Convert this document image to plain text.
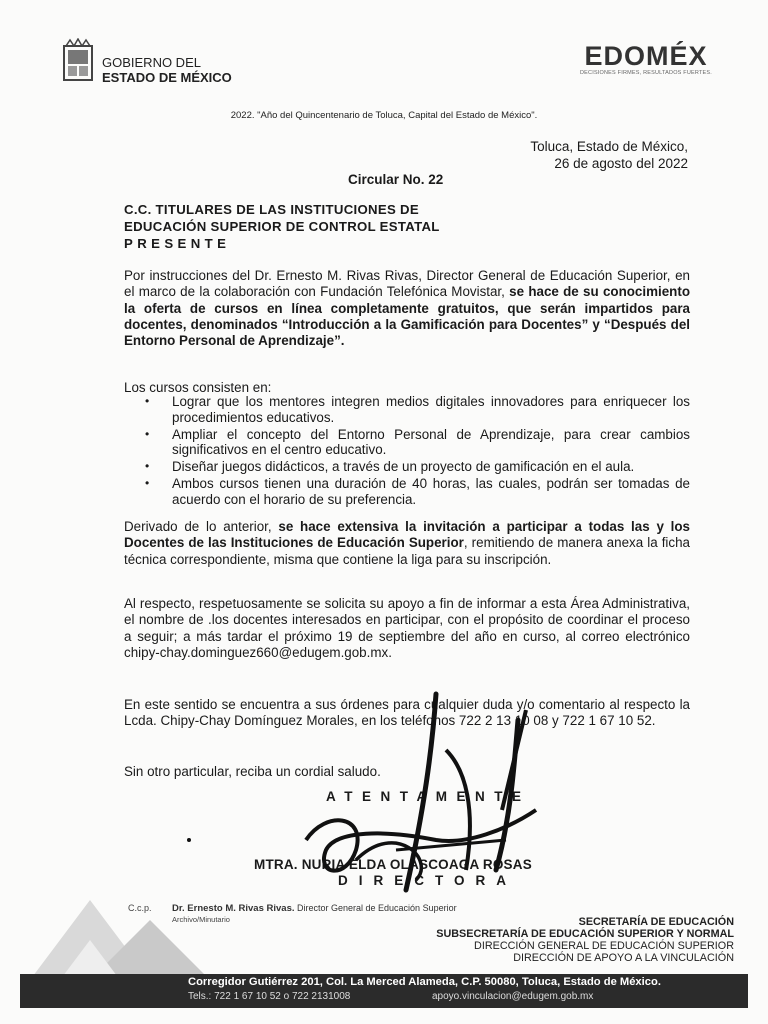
GOBIERNO DEL
ESTADO DE MÉXICO
EDOMÉX
DECISIONES FIRMES, RESULTADOS FUERTES.
2022. "Año del Quincentenario de Toluca, Capital del Estado de México".
Toluca, Estado de México,
26 de agosto del 2022
Circular No. 22
C.C. TITULARES DE LAS INSTITUCIONES DE
EDUCACIÓN SUPERIOR DE CONTROL ESTATAL
PRESENTE
Por instrucciones del Dr. Ernesto M. Rivas Rivas, Director General de Educación Superior, en el marco de la colaboración con Fundación Telefónica Movistar, se hace de su conocimiento la oferta de cursos en línea completamente gratuitos, que serán impartidos para docentes, denominados “Introducción a la Gamificación para Docentes” y “Después del Entorno Personal de Aprendizaje”.
Los cursos consisten en:
• Lograr que los mentores integren medios digitales innovadores para enriquecer los procedimientos educativos.
• Ampliar el concepto del Entorno Personal de Aprendizaje, para crear cambios significativos en el centro educativo.
• Diseñar juegos didácticos, a través de un proyecto de gamificación en el aula.
• Ambos cursos tienen una duración de 40 horas, las cuales, podrán ser tomadas de acuerdo con el horario de su preferencia.
Derivado de lo anterior, se hace extensiva la invitación a participar a todas las y los Docentes de las Instituciones de Educación Superior, remitiendo de manera anexa la ficha técnica correspondiente, misma que contiene la liga para su inscripción.
Al respecto, respetuosamente se solicita su apoyo a fin de informar a esta Área Administrativa, el nombre de .los docentes interesados en participar, con el propósito de coordinar el proceso a seguir; a más tardar el próximo 19 de septiembre del año en curso, al correo electrónico chipy-chay.dominguez660@edugem.gob.mx.
En este sentido se encuentra a sus órdenes para cualquier duda y/o comentario al respecto la Lcda. Chipy-Chay Domínguez Morales, en los teléfonos 722 2 13 10 08 y 722 1 67 10 52.
Sin otro particular, reciba un cordial saludo.
ATENTAMENTE
MTRA. NURIA ELDA OLASCOAGA ROSAS
DIRECTORA
C.c.p. Dr. Ernesto M. Rivas Rivas. Director General de Educación Superior
Archivo/Minutario	SECRETARÍA DE EDUCACIÓN
SUBSECRETARÍA DE EDUCACIÓN SUPERIOR Y NORMAL
DIRECCIÓN GENERAL DE EDUCACIÓN SUPERIOR
DIRECCIÓN DE APOYO A LA VINCULACIÓN
Corregidor Gutiérrez 201, Col. La Merced Alameda, C.P. 50080, Toluca, Estado de México.
Tels.: 722 1 67 10 52 o 722 2131008	apoyo.vinculacion@edugem.gob.mx
